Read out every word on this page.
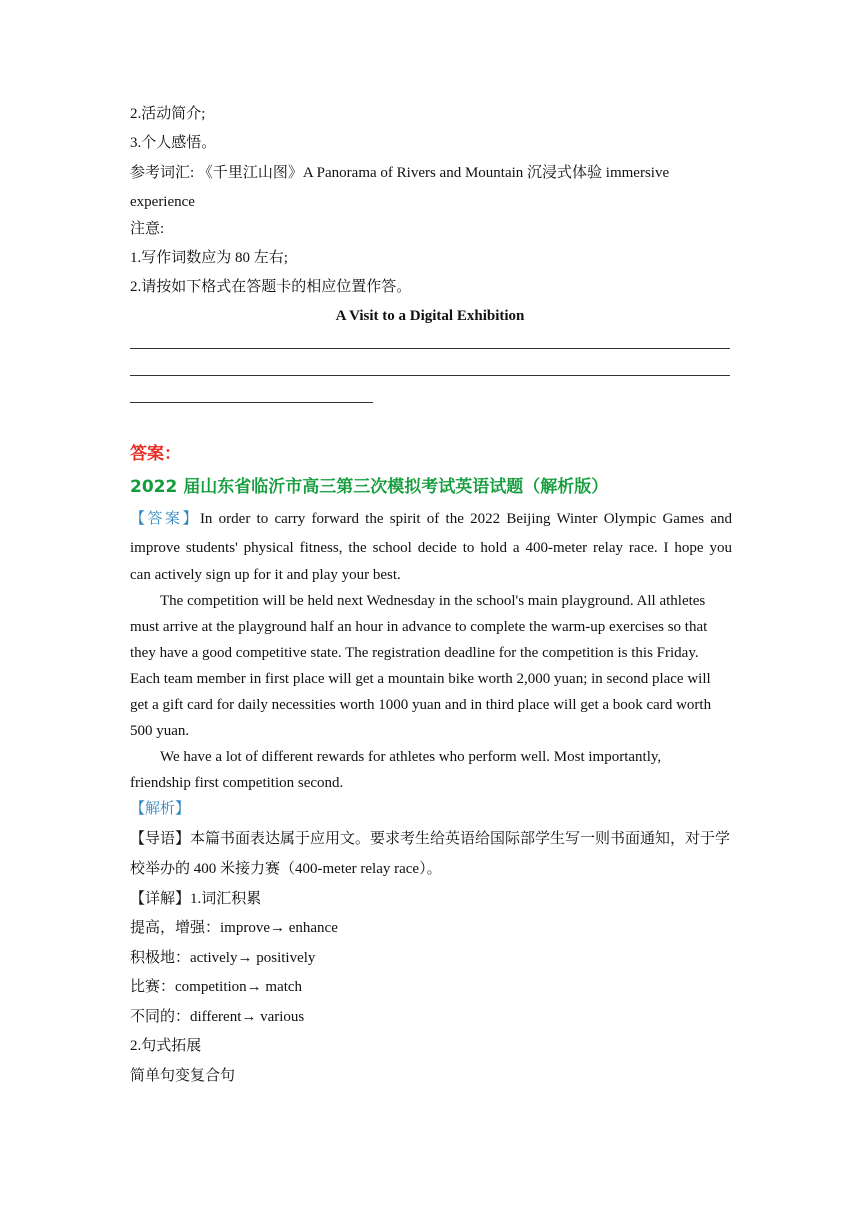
2.活动简介;
3.个人感悟。
参考词汇: 《千里江山图》A Panorama of Rivers and Mountain 沉浸式体验 immersive
experience
注意:
1.写作词数应为 80 左右;
2.请按如下格式在答题卡的相应位置作答。
A Visit to a Digital Exhibition
答案：
2022 届山东省临沂市高三第三次模拟考试英语试题（解析版）
【答案】In order to carry forward the spirit of the 2022 Beijing Winter Olympic Games and
improve students' physical fitness, the school decide to hold a 400-meter relay race. I hope you
can actively sign up for it and play your best.
The competition will be held next Wednesday in the school's main playground. All athletes
must arrive at the playground half an hour in advance to complete the warm-up exercises so that
they have a good competitive state. The registration deadline for the competition is this Friday.
Each team member in first place will get a mountain bike worth 2,000 yuan; in second place will
get a gift card for daily necessities worth 1000 yuan and in third place will get a book card worth
500 yuan.
We have a lot of different rewards for athletes who perform well. Most importantly,
friendship first competition second.
【解析】
【导语】本篇书面表达属于应用文。要求考生给英语给国际部学生写一则书面通知，对于学
校举办的 400 米接力赛（400-meter relay race）。
【详解】1.词汇积累
提高，增强：improve→ enhance
积极地：actively→ positively
比赛：competition→ match
不同的：different→ various
2.句式拓展
简单句变复合句
